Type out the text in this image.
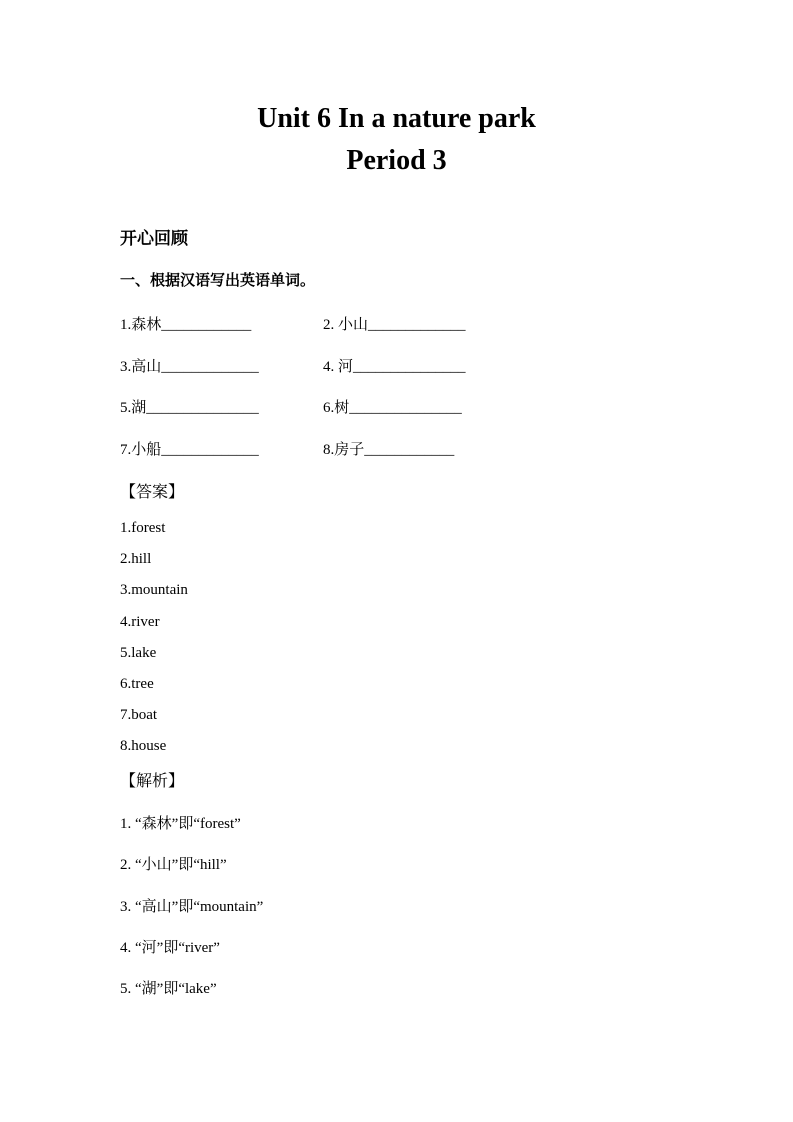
Unit 6 In a nature park
Period 3
开心回顾
一、根据汉语写出英语单词。
1.森林____________	2. 小山_____________
3.高山_____________	4. 河_______________
5.湖_______________	6.树_______________
7.小船_____________	8.房子____________
【答案】
1.forest
2.hill
3.mountain
4.river
5.lake
6.tree
7.boat
8.house
【解析】
1. “森林”即“forest”
2. “小山”即“hill”
3. “高山”即“mountain”
4. “河”即“river”
5. “湖”即“lake”
